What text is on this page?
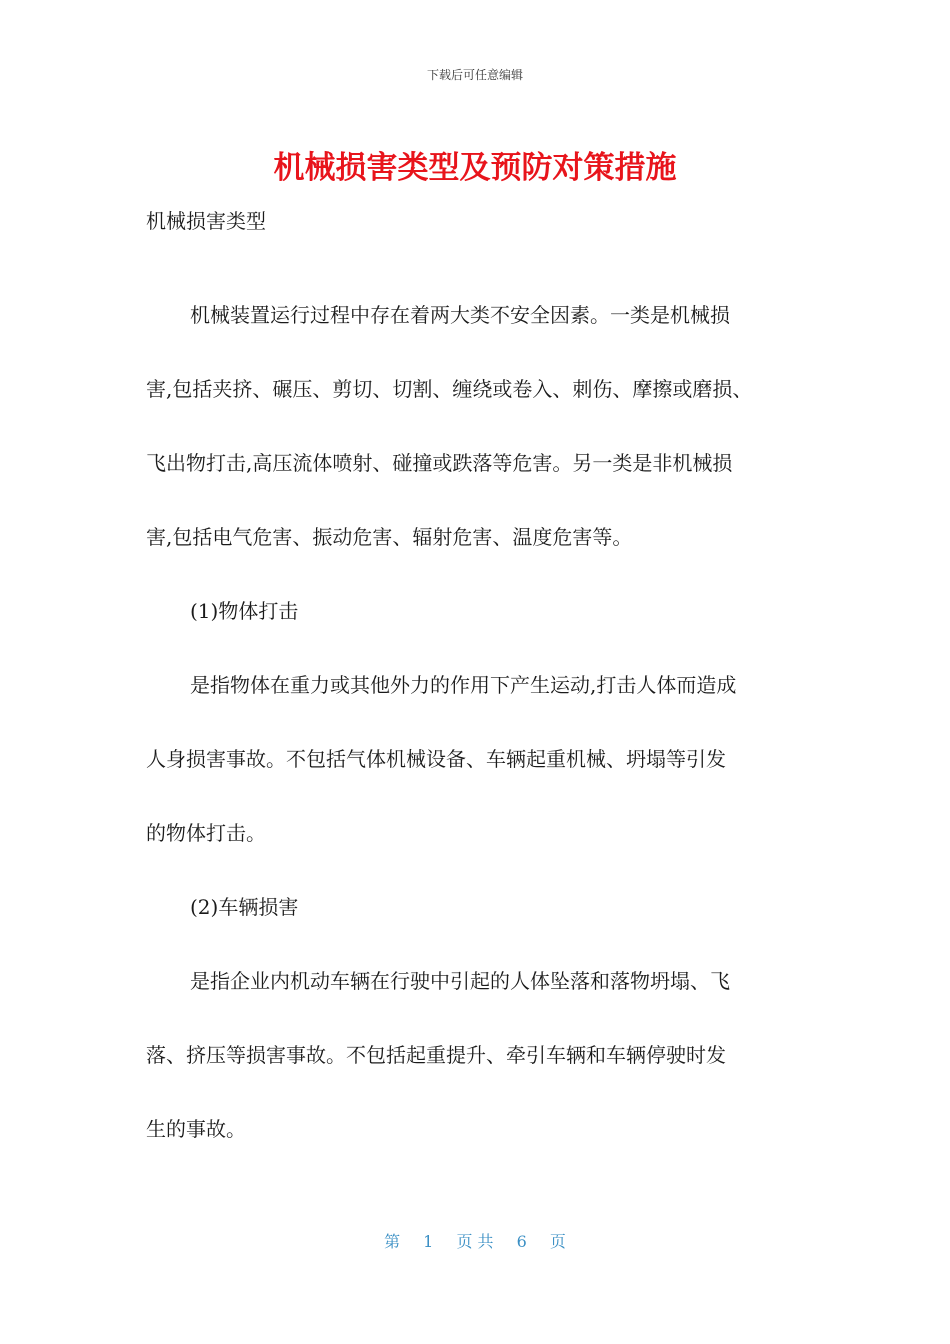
下载后可任意编辑
机械损害类型及预防对策措施
机械损害类型
机械装置运行过程中存在着两大类不安全因素。一类是机械损
害,包括夹挤、碾压、剪切、切割、缠绕或卷入、刺伤、摩擦或磨损、
飞出物打击,高压流体喷射、碰撞或跌落等危害。另一类是非机械损
害,包括电气危害、振动危害、辐射危害、温度危害等。
(1)物体打击
是指物体在重力或其他外力的作用下产生运动,打击人体而造成
人身损害事故。不包括气体机械设备、车辆起重机械、坍塌等引发
的物体打击。
(2)车辆损害
是指企业内机动车辆在行驶中引起的人体坠落和落物坍塌、飞
落、挤压等损害事故。不包括起重提升、牵引车辆和车辆停驶时发
生的事故。
第 1 页 共 6 页
